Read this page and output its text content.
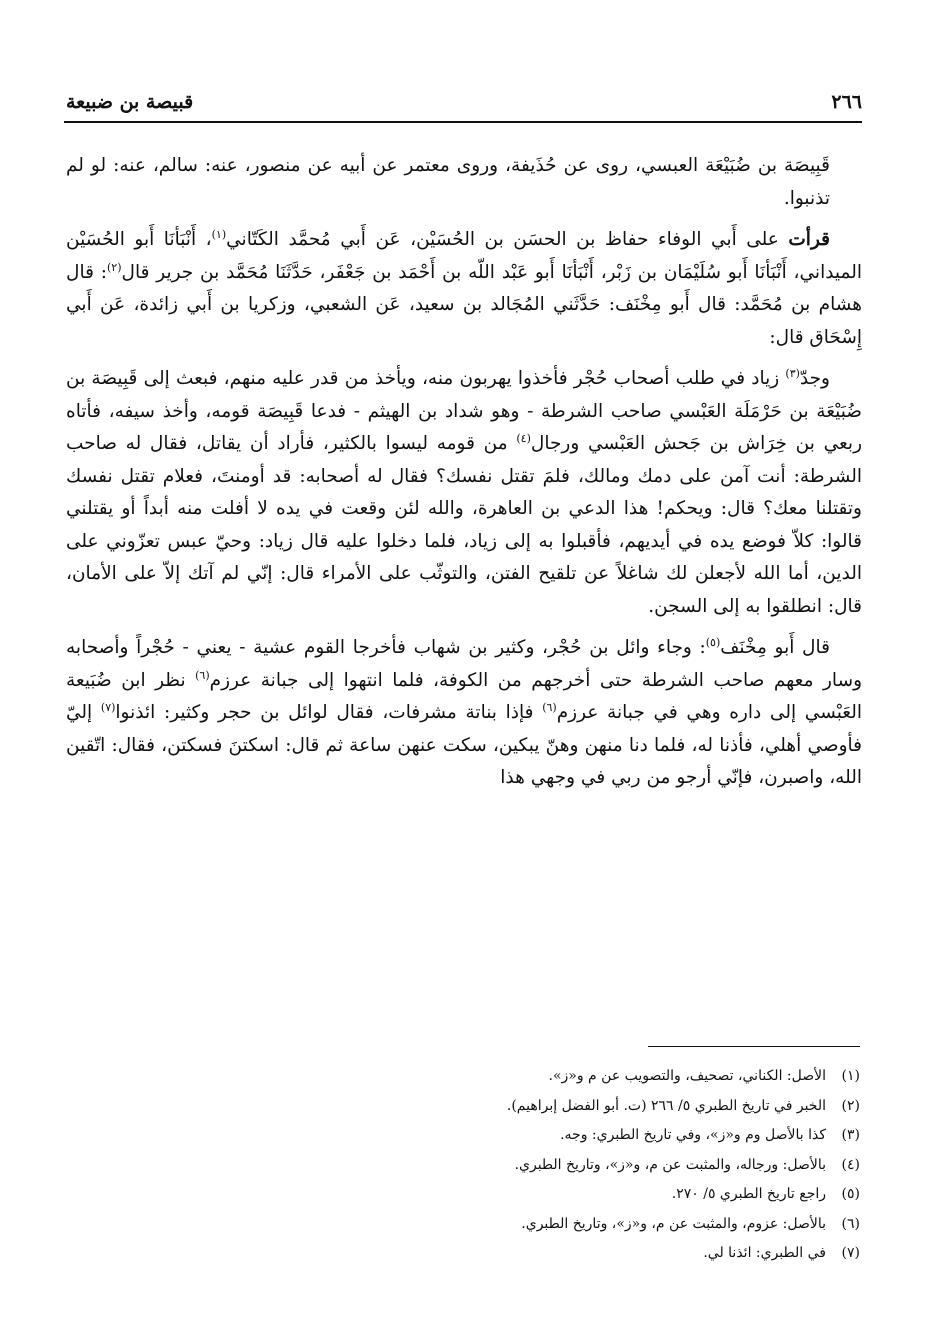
٢٦٦
قبيصة بن ضبيعة

قَبِيصَة بن ضُبَيْعَة العبسي، روى عن حُذَيفة، وروى معتمر عن أبيه عن منصور، عنه: سالم، عنه: لو لم تذنبوا.

قرأت على أَبي الوفاء حفاظ بن الحسَن بن الحُسَيْن، عَن أَبي مُحمَّد الكَتّاني$^{(١)}$، أَنْبَأنَا أَبو الحُسَيْن الميداني، أَنْبَأنَا أَبو سُلَيْمَان بن زَبْر، أَنْبَأنَا أَبو عَبْد اللّه بن أَحْمَد بن جَعْفَر، حَدَّثَنَا مُحَمَّد بن جرير قال$^{(٢)}$: قال هشام بن مُحَمَّد: قال أَبو مِخْنَف: حَدَّثَني المُجَالد بن سعيد، عَن الشعبي، وزكريا بن أَبي زائدة، عَن أَبي إِسْحَاق قال:

وجدّ$^{(٣)}$ زياد في طلب أصحاب حُجْر فأخذوا يهربون منه، ويأخذ من قدر عليه منهم، فبعث إلى قَبِيصَة بن ضُبَيْعَة بن حَرْمَلَة العَبْسي صاحب الشرطة - وهو شداد بن الهيثم - فدعا قَبِيصَة قومه، وأخذ سيفه، فأتاه ربعي بن خِرَاش بن جَحش العَبْسي ورجال$^{(٤)}$ من قومه ليسوا بالكثير، فأراد أن يقاتل، فقال له صاحب الشرطة: أنت آمن على دمك ومالك، فلمَ تقتل نفسك؟ فقال له أصحابه: قد أومنتَ، فعلام تقتل نفسك وتقتلنا معك؟ قال: ويحكم! هذا الدعي بن العاهرة، والله لئن وقعت في يده لا أفلت منه أبداً أو يقتلني قالوا: كلاّ فوضع يده في أيديهم، فأقبلوا به إلى زياد، فلما دخلوا عليه قال زياد: وحيّ عبس تعزّوني على الدين، أما الله لأجعلن لك شاغلاً عن تلقيح الفتن، والتوثّب على الأمراء قال: إنّي لم آتك إلاّ على الأمان، قال: انطلقوا به إلى السجن.

قال أَبو مِخْنَف$^{(٥)}$: وجاء وائل بن حُجْر، وكثير بن شهاب فأخرجا القوم عشية - يعني - حُجْراً وأصحابه وسار معهم صاحب الشرطة حتى أخرجهم من الكوفة، فلما انتهوا إلى جبانة عرزم$^{(٦)}$ نظر ابن ضُبَيعة العَبْسي إلى داره وهي في جبانة عرزم$^{(٦)}$ فإذا بناتة مشرفات، فقال لوائل بن حجر وكثير: ائذنوا$^{(٧)}$ إليّ فأوصي أهلي، فأذنا له، فلما دنا منهن وهنّ يبكين، سكت عنهن ساعة ثم قال: اسكتنَ فسكتن، فقال: اتّقين الله، واصبرن، فإنّي أرجو من ربي في وجهي هذا

(١)
الأصل: الكناني، تصحيف، والتصويب عن م و«ز».
(٢)
الخبر في تاريخ الطبري ٥/ ٢٦٦ (ت. أبو الفضل إبراهيم).
(٣)
كذا بالأصل وم و«ز»، وفي تاريخ الطبري: وجه.
(٤)
بالأصل: ورجاله، والمثبت عن م، و«ز»، وتاريخ الطبري.
(٥)
راجع تاريخ الطبري ٥/ ٢٧٠.
(٦)
بالأصل: عزوم، والمثبت عن م، و«ز»، وتاريخ الطبري.
(٧)
في الطبري: ائذنا لي.
